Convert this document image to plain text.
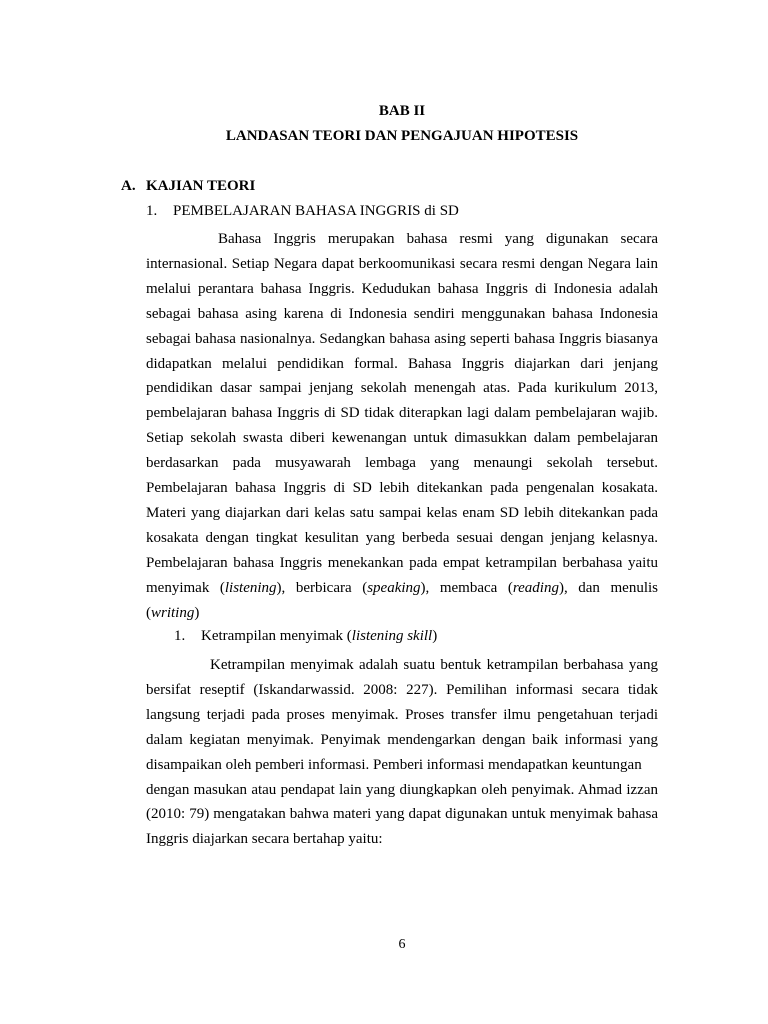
BAB II
LANDASAN TEORI DAN PENGAJUAN HIPOTESIS
A. KAJIAN TEORI
1. PEMBELAJARAN BAHASA INGGRIS di SD
Bahasa Inggris merupakan bahasa resmi yang digunakan secara internasional. Setiap Negara dapat berkoomunikasi secara resmi dengan Negara lain melalui perantara bahasa Inggris. Kedudukan bahasa Inggris di Indonesia adalah sebagai bahasa asing karena di Indonesia sendiri menggunakan bahasa Indonesia sebagai bahasa nasionalnya. Sedangkan bahasa asing seperti bahasa Inggris biasanya didapatkan melalui pendidikan formal. Bahasa Inggris diajarkan dari jenjang pendidikan dasar sampai jenjang sekolah menengah atas. Pada kurikulum 2013, pembelajaran bahasa Inggris di SD tidak diterapkan lagi dalam pembelajaran wajib. Setiap sekolah swasta diberi kewenangan untuk dimasukkan dalam pembelajaran berdasarkan pada musyawarah lembaga yang menaungi sekolah tersebut. Pembelajaran bahasa Inggris di SD lebih ditekankan pada pengenalan kosakata. Materi yang diajarkan dari kelas satu sampai kelas enam SD lebih ditekankan pada kosakata dengan tingkat kesulitan yang berbeda sesuai dengan jenjang kelasnya. Pembelajaran bahasa Inggris menekankan pada empat ketrampilan berbahasa yaitu menyimak (listening), berbicara (speaking), membaca (reading), dan menulis (writing)
1. Ketrampilan menyimak (listening skill)
Ketrampilan menyimak adalah suatu bentuk ketrampilan berbahasa yang bersifat reseptif (Iskandarwassid. 2008: 227). Pemilihan informasi secara tidak langsung terjadi pada proses menyimak. Proses transfer ilmu pengetahuan terjadi dalam kegiatan menyimak. Penyimak mendengarkan dengan baik informasi yang disampaikan oleh pemberi informasi. Pemberi informasi mendapatkan keuntungan
dengan masukan atau pendapat lain yang diungkapkan oleh penyimak. Ahmad izzan (2010: 79) mengatakan bahwa materi yang dapat digunakan untuk menyimak bahasa Inggris diajarkan secara bertahap yaitu:
6
